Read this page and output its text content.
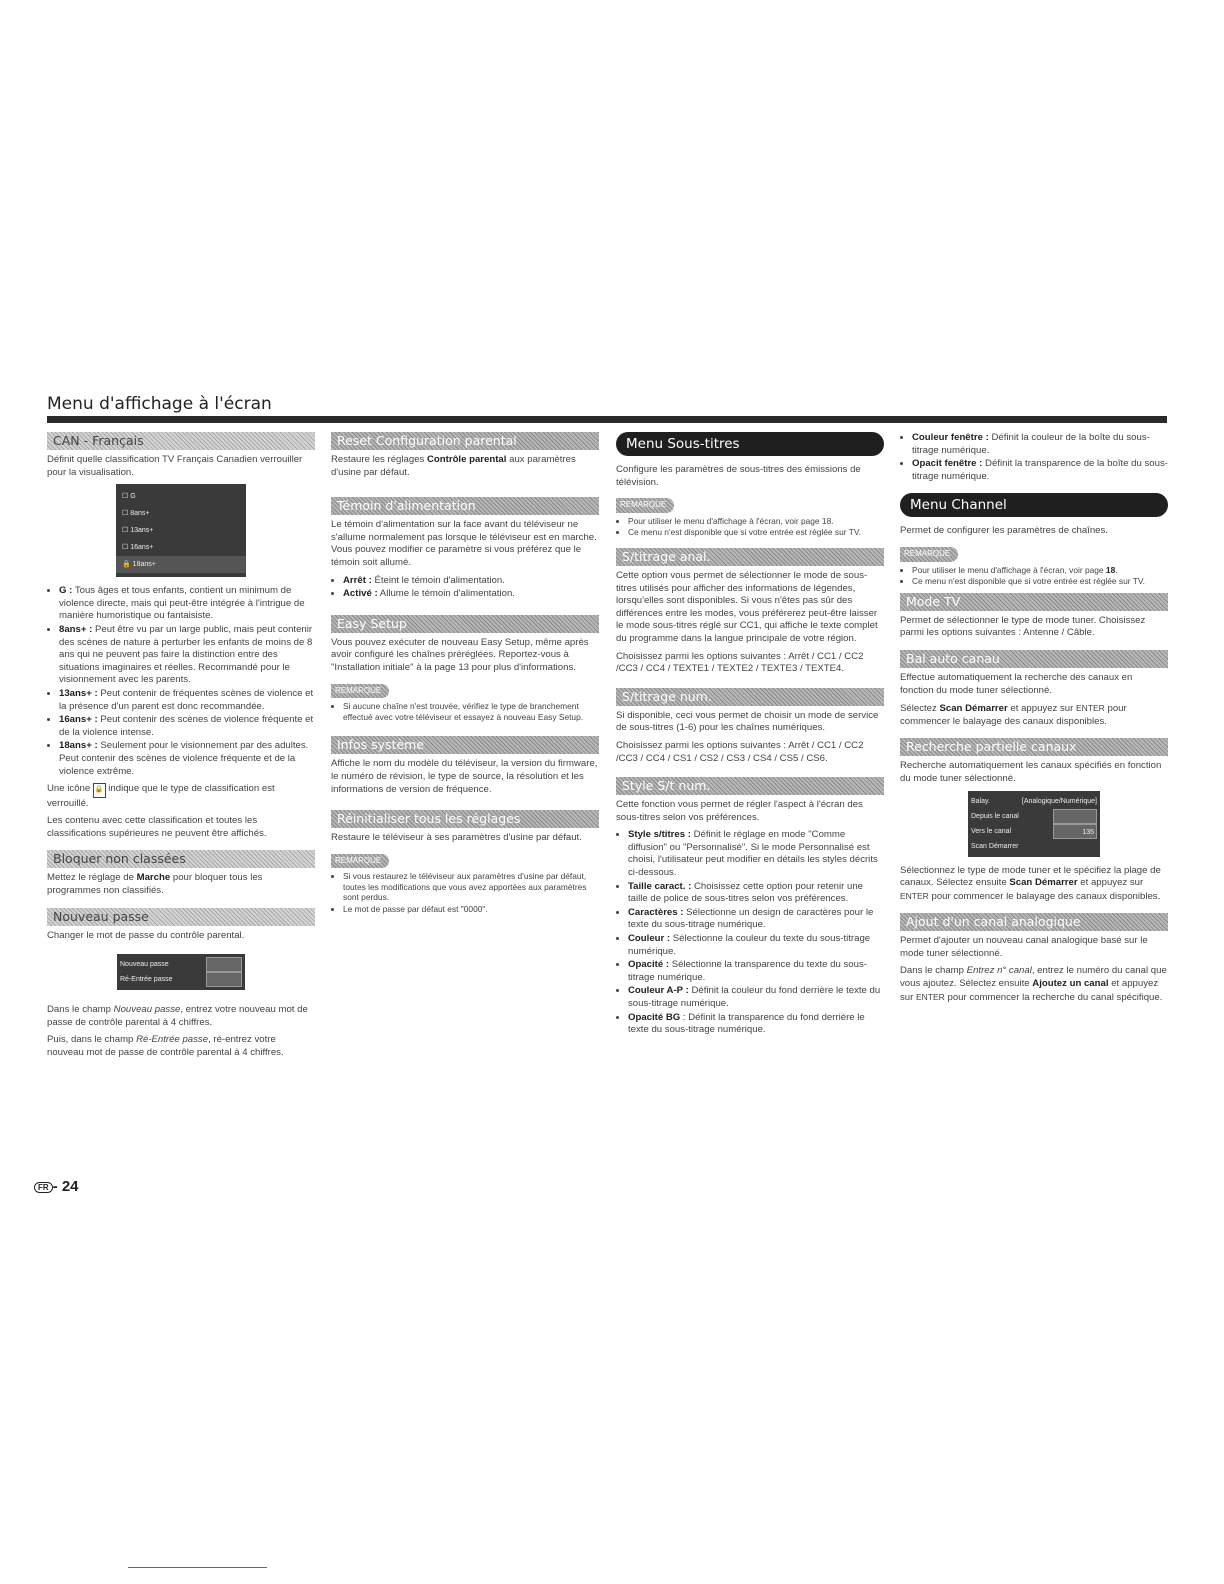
Menu d'affichage à l'écran
CAN - Français

Définit quelle classification TV Français Canadien verrouiller pour la visualisation.

☐ G
☐ 8ans+
☐ 13ans+
☐ 16ans+
🔒 18ans+
• G : Tous âges et tous enfants, contient un minimum de violence directe, mais qui peut-être intégrée à l'intrigue de manière humoristique ou fantaisiste.
• 8ans+ : Peut être vu par un large public, mais peut contenir des scènes de nature à perturber les enfants de moins de 8 ans qui ne peuvent pas faire la distinction entre des situations imaginaires et réelles. Recommandé pour le visionnement avec les parents.
• 13ans+ : Peut contenir de fréquentes scènes de violence et la présence d'un parent est donc recommandée.
• 16ans+ : Peut contenir des scènes de violence fréquente et de la violence intense.
• 18ans+ : Seulement pour le visionnement par des adultes. Peut contenir des scènes de violence fréquente et de la violence extrême.

Une icône 🔒 indique que le type de classification est verrouillé.

Les contenu avec cette classification et toutes les classifications supérieures ne peuvent être affichés.

Bloquer non classées

Mettez le réglage de Marche pour bloquer tous les programmes non classifiés.

Nouveau passe

Changer le mot de passe du contrôle parental.

Nouveau passe
Ré-Entrée passe

Dans le champ Nouveau passe, entrez votre nouveau mot de passe de contrôle parental à 4 chiffres.

Puis, dans le champ Ré-Entrée passe, ré-entrez votre nouveau mot de passe de contrôle parental à 4 chiffres.

Reset Configuration parental

Restaure les réglages Contrôle parental aux paramètres d'usine par défaut.

Témoin d'alimentation

Le témoin d'alimentation sur la face avant du téléviseur ne s'allume normalement pas lorsque le téléviseur est en marche. Vous pouvez modifier ce paramètre si vous préférez que le témoin soit allumé.

• Arrêt : Éteint le témoin d'alimentation.
• Activé : Allume le témoin d'alimentation.
Easy Setup

Vous pouvez exécuter de nouveau Easy Setup, même après avoir configuré les chaînes préréglées. Reportez-vous à "Installation initiale" à la page 13 pour plus d'informations.

REMARQUE
• Si aucune chaîne n'est trouvée, vérifiez le type de branchement effectué avec votre téléviseur et essayez à nouveau Easy Setup.
Infos système

Affiche le nom du modèle du téléviseur, la version du firmware, le numéro de révision, le type de source, la résolution et les informations de version de fréquence.

Réinitialiser tous les réglages

Restaure le téléviseur à ses paramètres d'usine par défaut.

REMARQUE
• Si vous restaurez le téléviseur aux paramètres d'usine par défaut, toutes les modifications que vous avez apportées aux paramètres sont perdus.
• Le mot de passe par défaut est "0000".
Menu Sous-titres

Configure les paramètres de sous-titres des émissions de télévision.

REMARQUE
• Pour utiliser le menu d'affichage à l'écran, voir page 18.
• Ce menu n'est disponible que si votre entrée est réglée sur TV.
S/titrage anal.

Cette option vous permet de sélectionner le mode de sous-titres utilisés pour afficher des informations de légendes, lorsqu'elles sont disponibles. Si vous n'êtes pas sûr des différences entre les modes, vous préférerez peut-être laisser le mode sous-titres réglé sur CC1, qui affiche le texte complet du programme dans la langue principale de votre région.

Choisissez parmi les options suivantes : Arrêt / CC1 / CC2 /CC3 / CC4 / TEXTE1 / TEXTE2 / TEXTE3 / TEXTE4.

S/titrage num.

Si disponible, ceci vous permet de choisir un mode de service de sous-titres (1-6) pour les chaînes numériques.

Choisissez parmi les options suivantes : Arrêt / CC1 / CC2 /CC3 / CC4 / CS1 / CS2 / CS3 / CS4 / CS5 / CS6.

Style S/t num.

Cette fonction vous permet de régler l'aspect à l'écran des sous-titres selon vos préférences.

• Style s/titres : Définit le réglage en mode "Comme diffusion" ou "Personnalisé". Si le mode Personnalisé est choisi, l'utilisateur peut modifier en détails les styles décrits ci-dessous.
• Taille caract. : Choisissez cette option pour retenir une taille de police de sous-titres selon vos préférences.
• Caractères : Sélectionne un design de caractères pour le texte du sous-titrage numérique.
• Couleur : Sélectionne la couleur du texte du sous-titrage numérique.
• Opacité : Sélectionne la transparence du texte du sous-titrage numérique.
• Couleur A-P : Définit la couleur du fond derrière le texte du sous-titrage numérique.
• Opacité BG : Définit la transparence du fond derrière le texte du sous-titrage numérique.
• Couleur fenêtre : Définit la couleur de la boîte du sous-titrage numérique.
• Opacit fenêtre : Définit la transparence de la boîte du sous-titrage numérique.
Menu Channel

Permet de configurer les paramètres de chaînes.

REMARQUE
• Pour utiliser le menu d'affichage à l'écran, voir page 18.
• Ce menu n'est disponible que si votre entrée est réglée sur TV.
Mode TV

Permet de sélectionner le type de mode tuner. Choisissez parmi les options suivantes : Antenne / Câble.

Bal auto canau

Effectue automatiquement la recherche des canaux en fonction du mode tuner sélectionné.

Sélectez Scan Démarrer et appuyez sur ENTER pour commencer le balayage des canaux disponibles.

Recherche partielle canaux

Recherche automatiquement les canaux spécifiés en fonction du mode tuner sélectionné.

Balay.	[Analogique/Numérique]
Depuis le canal
Vers le canal	135
Scan Démarrer

Sélectionnez le type de mode tuner et le spécifiez la plage de canaux. Sélectez ensuite Scan Démarrer et appuyez sur ENTER pour commencer le balayage des canaux disponibles.

Ajout d'un canal analogique

Permet d'ajouter un nouveau canal analogique basé sur le mode tuner sélectionné.

Dans le champ Entrez n° canal, entrez le numéro du canal que vous ajoutez. Sélectez ensuite Ajoutez un canal et appuyez sur ENTER pour commencer la recherche du canal spécifique.

FR - 24
